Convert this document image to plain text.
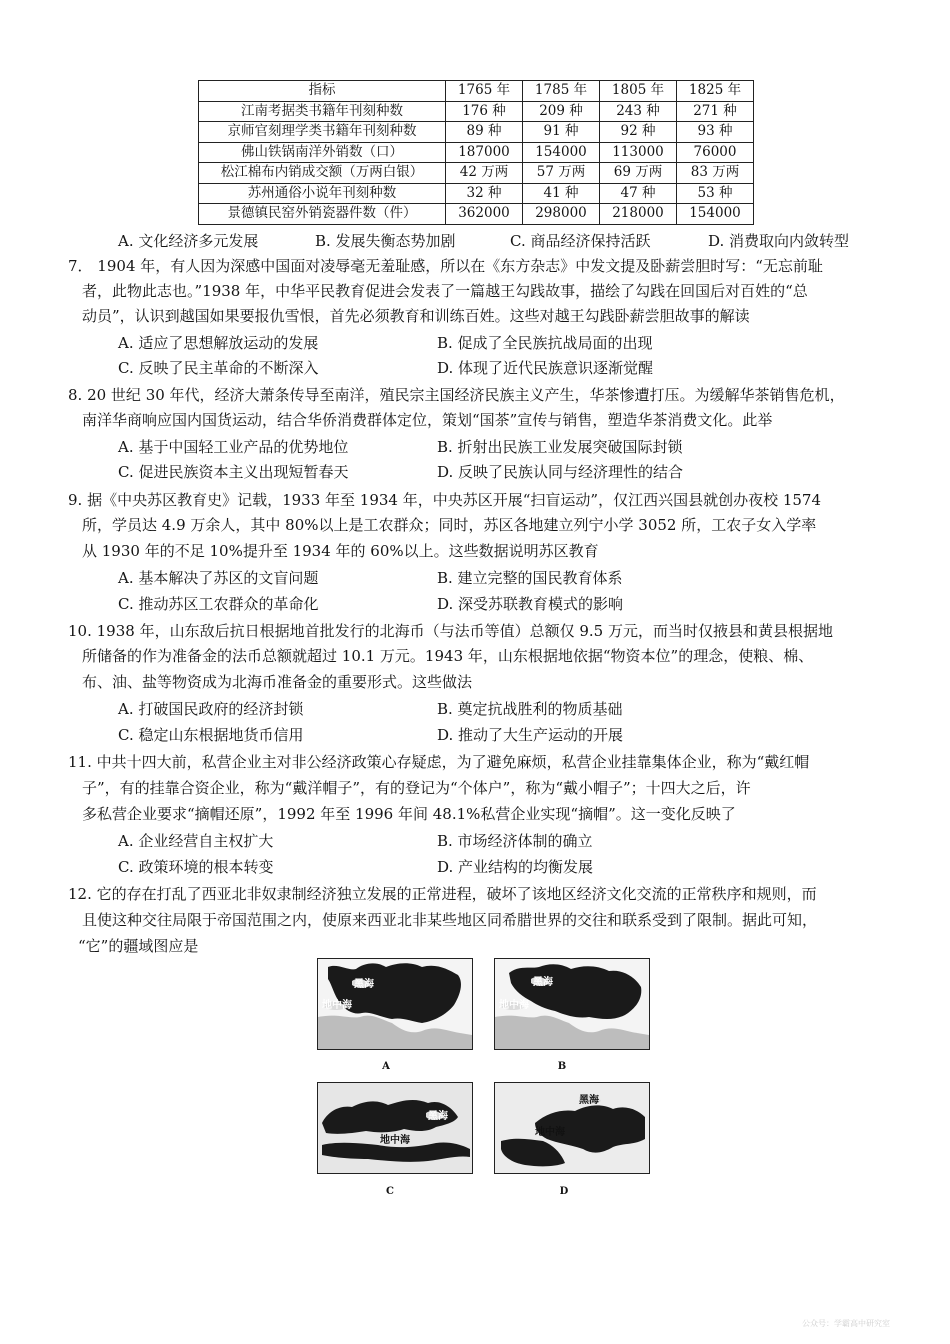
指标	1765 年	1785 年	1805 年	1825 年
江南考据类书籍年刊刻种数	176 种	209 种	243 种	271 种
京师官刻理学类书籍年刊刻种数	89 种	91 种	92 种	93 种
佛山铁锅南洋外销数（口）	187000	154000	113000	76000
松江棉布内销成交额（万两白银）	42 万两	57 万两	69 万两	83 万两
苏州通俗小说年刊刻种数	32 种	41 种	47 种	53 种
景德镇民窑外销瓷器件数（件）	362000	298000	218000	154000
A. 文化经济多元发展	B. 发展失衡态势加剧	C. 商品经济保持活跃	D. 消费取向内敛转型
7． 1904 年，有人因为深感中国面对凌辱毫无羞耻感，所以在《东方杂志》中发文提及卧薪尝胆时写：“无忘前耻
者，此物此志也。”1938 年，中华平民教育促进会发表了一篇越王勾践故事，描绘了勾践在回国后对百姓的“总
动员”，认识到越国如果要报仇雪恨，首先必须教育和训练百姓。这些对越王勾践卧薪尝胆故事的解读
A. 适应了思想解放运动的发展	B. 促成了全民族抗战局面的出现
C. 反映了民主革命的不断深入	D. 体现了近代民族意识逐渐觉醒
8. 20 世纪 30 年代，经济大萧条传导至南洋，殖民宗主国经济民族主义产生，华茶惨遭打压。为缓解华茶销售危机，
南洋华商响应国内国货运动，结合华侨消费群体定位，策划“国茶”宣传与销售，塑造华茶消费文化。此举
A. 基于中国轻工业产品的优势地位	B. 折射出民族工业发展突破国际封锁
C. 促进民族资本主义出现短暂春天	D. 反映了民族认同与经济理性的结合
9. 据《中央苏区教育史》记载，1933 年至 1934 年，中央苏区开展“扫盲运动”，仅江西兴国县就创办夜校 1574
所，学员达 4.9 万余人，其中 80%以上是工农群众；同时，苏区各地建立列宁小学 3052 所，工农子女入学率
从 1930 年的不足 10%提升至 1934 年的 60%以上。这些数据说明苏区教育
A. 基本解决了苏区的文盲问题	B. 建立完整的国民教育体系
C. 推动苏区工农群众的革命化	D. 深受苏联教育模式的影响
10. 1938 年，山东敌后抗日根据地首批发行的北海币（与法币等值）总额仅 9.5 万元，而当时仅掖县和黄县根据地
所储备的作为准备金的法币总额就超过 10.1 万元。1943 年，山东根据地依据“物资本位”的理念，使粮、棉、
布、油、盐等物资成为北海币准备金的重要形式。这些做法
A. 打破国民政府的经济封锁	B. 奠定抗战胜利的物质基础
C. 稳定山东根据地货币信用	D. 推动了大生产运动的开展
11. 中共十四大前，私营企业主对非公经济政策心存疑虑，为了避免麻烦，私营企业挂靠集体企业，称为“戴红帽
子”，有的挂靠合资企业，称为“戴洋帽子”，有的登记为“个体户”，称为“戴小帽子”；十四大之后，许
多私营企业要求“摘帽还原”，1992 年至 1996 年间 48.1%私营企业实现“摘帽”。这一变化反映了
A. 企业经营自主权扩大	B. 市场经济体制的确立
C. 政策环境的根本转变	D. 产业结构的均衡发展
12. 它的存在打乱了西亚北非奴隶制经济独立发展的正常进程，破坏了该地区经济文化交流的正常秩序和规则，而
且使这种交往局限于帝国范围之内，使原来西亚北非某些地区同希腊世界的交往和联系受到了限制。据此可知，
“它”的疆域图应是
黑海
地中海
A
黑海
地中海
B
黑海
地中海
C
黑海
地中海
D
公众号：学霸高中研究室
